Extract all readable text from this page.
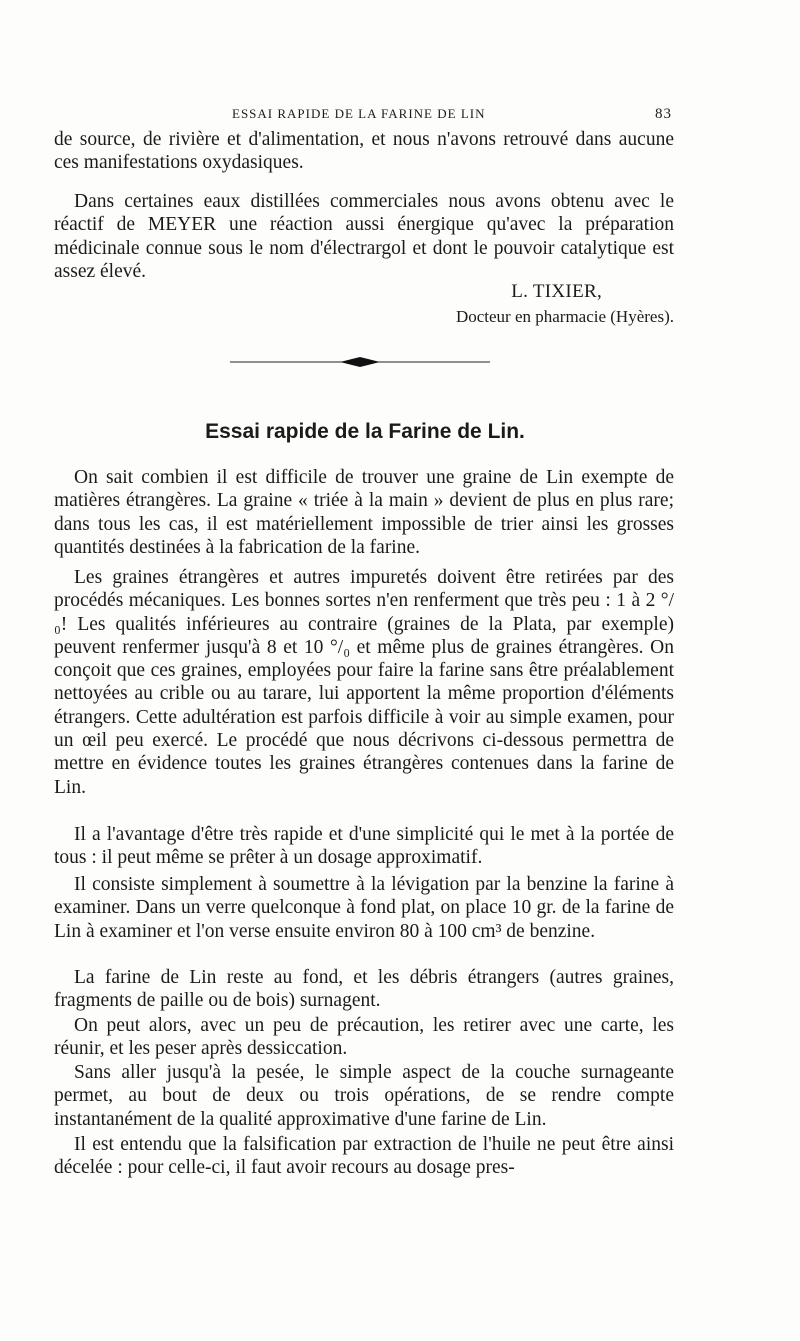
ESSAI RAPIDE DE LA FARINE DE LIN	83

de source, de rivière et d'alimentation, et nous n'avons retrouvé dans aucune ces manifestations oxydasiques.

Dans certaines eaux distillées commerciales nous avons obtenu avec le réactif de MEYER une réaction aussi énergique qu'avec la préparation médicinale connue sous le nom d'électrargol et dont le pouvoir catalytique est assez élevé.

L. TIXIER,
Docteur en pharmacie (Hyères).
Essai rapide de la Farine de Lin.

On sait combien il est difficile de trouver une graine de Lin exempte de matières étrangères. La graine « triée à la main » devient de plus en plus rare; dans tous les cas, il est matériellement impossible de trier ainsi les grosses quantités destinées à la fabrication de la farine.

Les graines étrangères et autres impuretés doivent être retirées par des procédés mécaniques. Les bonnes sortes n'en renferment que très peu : 1 à 2 °/₀! Les qualités inférieures au contraire (graines de la Plata, par exemple) peuvent renfermer jusqu'à 8 et 10 °/₀ et même plus de graines étrangères. On conçoit que ces graines, employées pour faire la farine sans être préalablement nettoyées au crible ou au tarare, lui apportent la même proportion d'éléments étrangers. Cette adultération est parfois difficile à voir au simple examen, pour un œil peu exercé. Le procédé que nous décrivons ci-dessous permettra de mettre en évidence toutes les graines étrangères contenues dans la farine de Lin.

Il a l'avantage d'être très rapide et d'une simplicité qui le met à la portée de tous : il peut même se prêter à un dosage approximatif.

Il consiste simplement à soumettre à la lévigation par la benzine la farine à examiner. Dans un verre quelconque à fond plat, on place 10 gr. de la farine de Lin à examiner et l'on verse ensuite environ 80 à 100 cm³ de benzine.

La farine de Lin reste au fond, et les débris étrangers (autres graines, fragments de paille ou de bois) surnagent.

On peut alors, avec un peu de précaution, les retirer avec une carte, les réunir, et les peser après dessiccation.

Sans aller jusqu'à la pesée, le simple aspect de la couche surnageante permet, au bout de deux ou trois opérations, de se rendre compte instantanément de la qualité approximative d'une farine de Lin.

Il est entendu que la falsification par extraction de l'huile ne peut être ainsi décelée : pour celle-ci, il faut avoir recours au dosage pres-
